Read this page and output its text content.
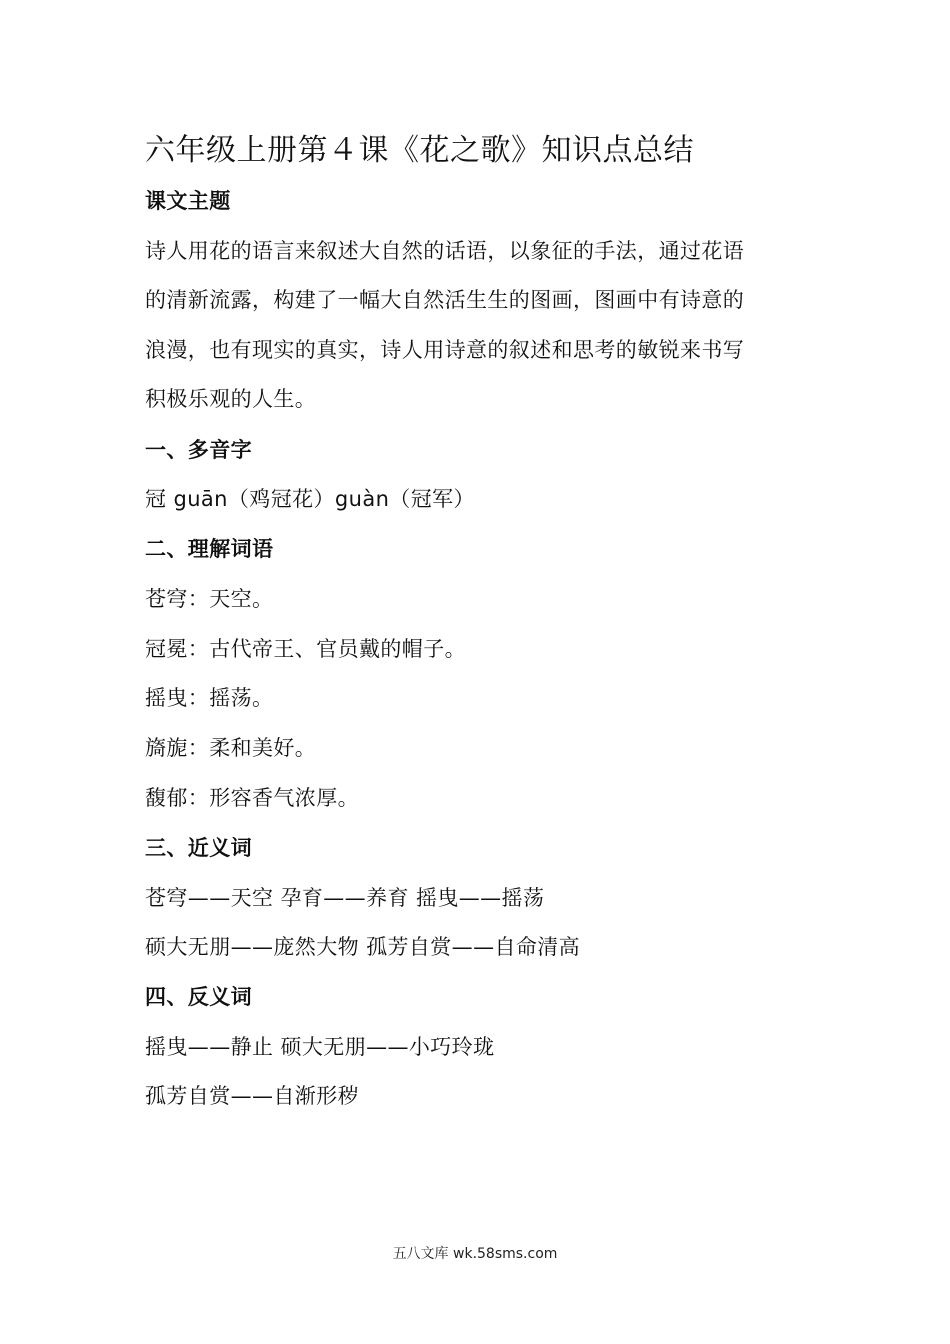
六年级上册第４课《花之歌》知识点总结
课文主题
诗人用花的语言来叙述大自然的话语，以象征的手法，通过花语
的清新流露，构建了一幅大自然活生生的图画，图画中有诗意的
浪漫，也有现实的真实，诗人用诗意的叙述和思考的敏锐来书写
积极乐观的人生。
一、多音字
冠 guān（鸡冠花）guàn（冠军）
二、理解词语
苍穹：天空。
冠冕：古代帝王、官员戴的帽子。
摇曳：摇荡。
旖旎：柔和美好。
馥郁：形容香气浓厚。
三、近义词
苍穹——天空 孕育——养育 摇曳——摇荡
硕大无朋——庞然大物 孤芳自赏——自命清高
四、反义词
摇曳——静止 硕大无朋——小巧玲珑
孤芳自赏——自渐形秽
五八文库 wk.58sms.com
